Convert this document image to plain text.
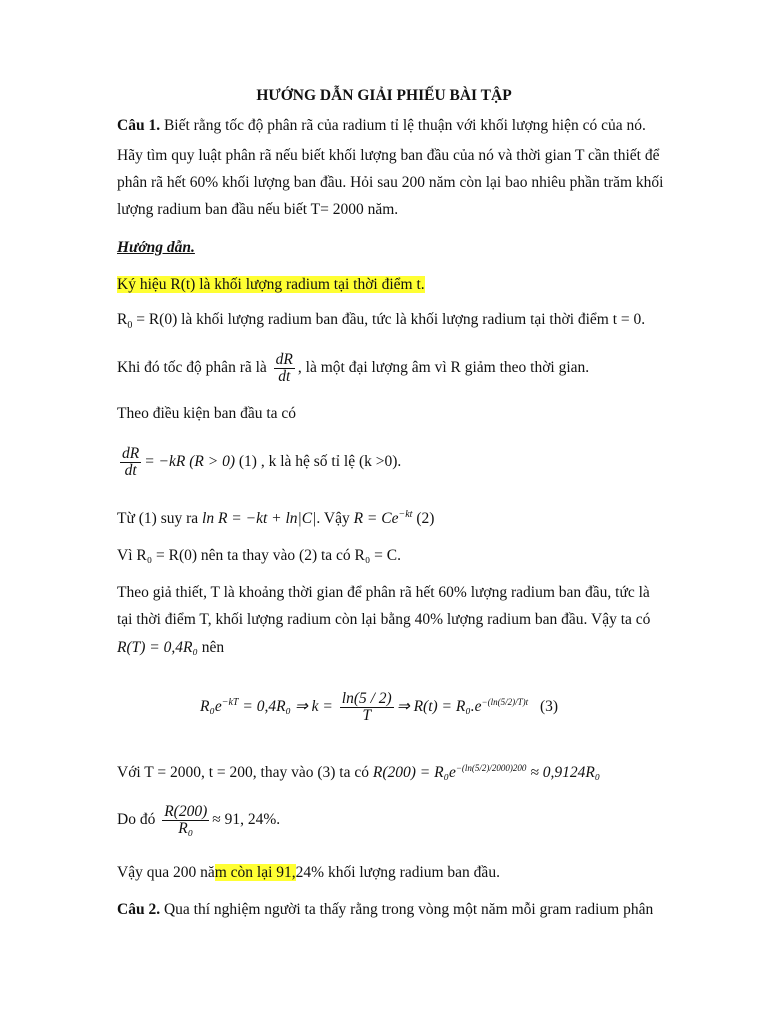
HƯỚNG DẪN GIẢI PHIẾU BÀI TẬP
Câu 1. Biết rằng tốc độ phân rã của radium tỉ lệ thuận với khối lượng hiện có của nó.
Hãy tìm quy luật phân rã nếu biết khối lượng ban đầu của nó và thời gian T cần thiết để
phân rã hết 60% khối lượng ban đầu. Hỏi sau 200 năm còn lại bao nhiêu phần trăm khối
lượng radium ban đầu nếu biết T= 2000 năm.
Hướng dẫn.
Ký hiệu R(t) là khối lượng radium tại thời điểm t.
$R_0 = R(0)$ là khối lượng radium ban đầu, tức là khối lượng radium tại thời điểm t = 0.
Khi đó tốc độ phân rã là $\frac{dR}{dt}$ , là một đại lượng âm vì R giảm theo thời gian.
Theo điều kiện ban đầu ta có
$\frac{dR}{dt} = -kR$ (R > 0) (1) , k là hệ số tỉ lệ (k >0).
Từ (1) suy ra ln R = −kt + ln|C|. Vậy $R = Ce^{-kt}$ (2)
Vì R₀ = R(0) nên ta thay vào (2) ta có R₀ = C.
Theo giả thiết, T là khoảng thời gian để phân rã hết 60% lượng radium ban đầu, tức là
tại thời điểm T, khối lượng radium còn lại bằng 40% lượng radium ban đầu. Vậy ta có
R(T) = 0,4R₀ nên
$R_0e^{-kT} = 0,4R_0$ ⇒ $k = \frac{\ln(5 / 2)}{T}$ ⇒ $R(t) = R_0.e^{-(ln(5/2)/T)t}$ (3)
Với T = 2000, t = 200, thay vào (3) ta có $R(200) = R_0e^{-(ln(5/2)/2000)200} \approx 0,9124R_0$
Do đó $\frac{R(200)}{\text{R₀}} \approx 91$, 24%.
Vậy qua 200 năm còn lại 91,24% khối lượng radium ban đầu.
Câu 2. Qua thí nghiệm người ta thấy rằng trong vòng một năm mỗi gram radium phân
